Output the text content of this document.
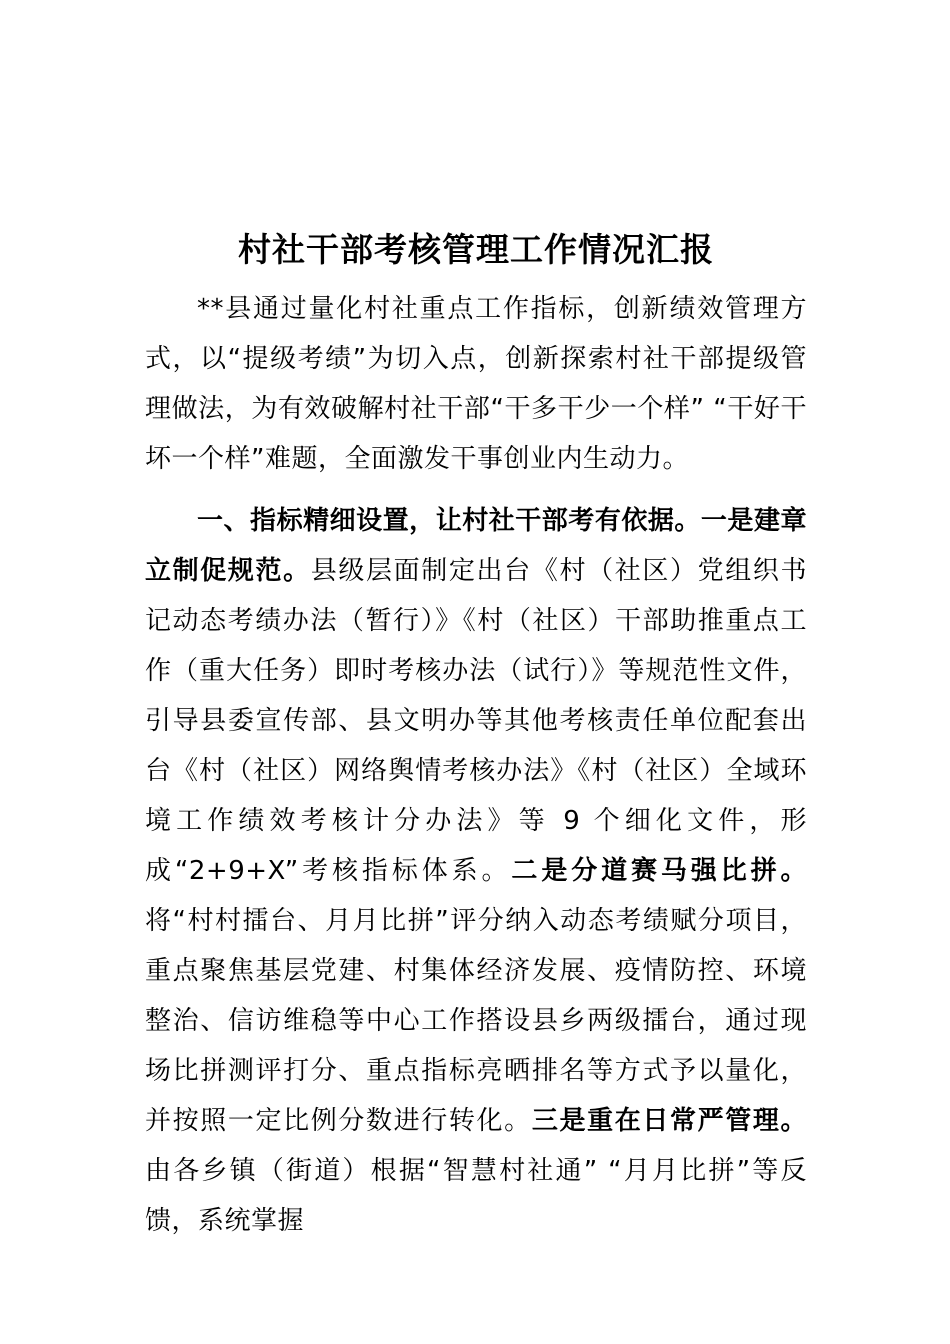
村社干部考核管理工作情况汇报

**县通过量化村社重点工作指标，创新绩效管理方式，以“提级考绩”为切入点，创新探索村社干部提级管理做法，为有效破解村社干部“干多干少一个样” “干好干坏一个样”难题，全面激发干事创业内生动力。

一、指标精细设置，让村社干部考有依据。一是建章立制促规范。县级层面制定出台《村（社区）党组织书记动态考绩办法（暂行）》《村（社区）干部助推重点工作（重大任务）即时考核办法（试行）》等规范性文件，引导县委宣传部、县文明办等其他考核责任单位配套出台《村（社区）网络舆情考核办法》《村（社区）全域环境工作绩效考核计分办法》等 9 个细化文件，形成“2+9+X”考核指标体系。二是分道赛马强比拼。将“村村擂台、月月比拼”评分纳入动态考绩赋分项目，重点聚焦基层党建、村集体经济发展、疫情防控、环境整治、信访维稳等中心工作搭设县乡两级擂台，通过现场比拼测评打分、重点指标亮晒排名等方式予以量化，并按照一定比例分数进行转化。三是重在日常严管理。由各乡镇（街道）根据“智慧村社通” “月月比拼”等反馈，系统掌握
